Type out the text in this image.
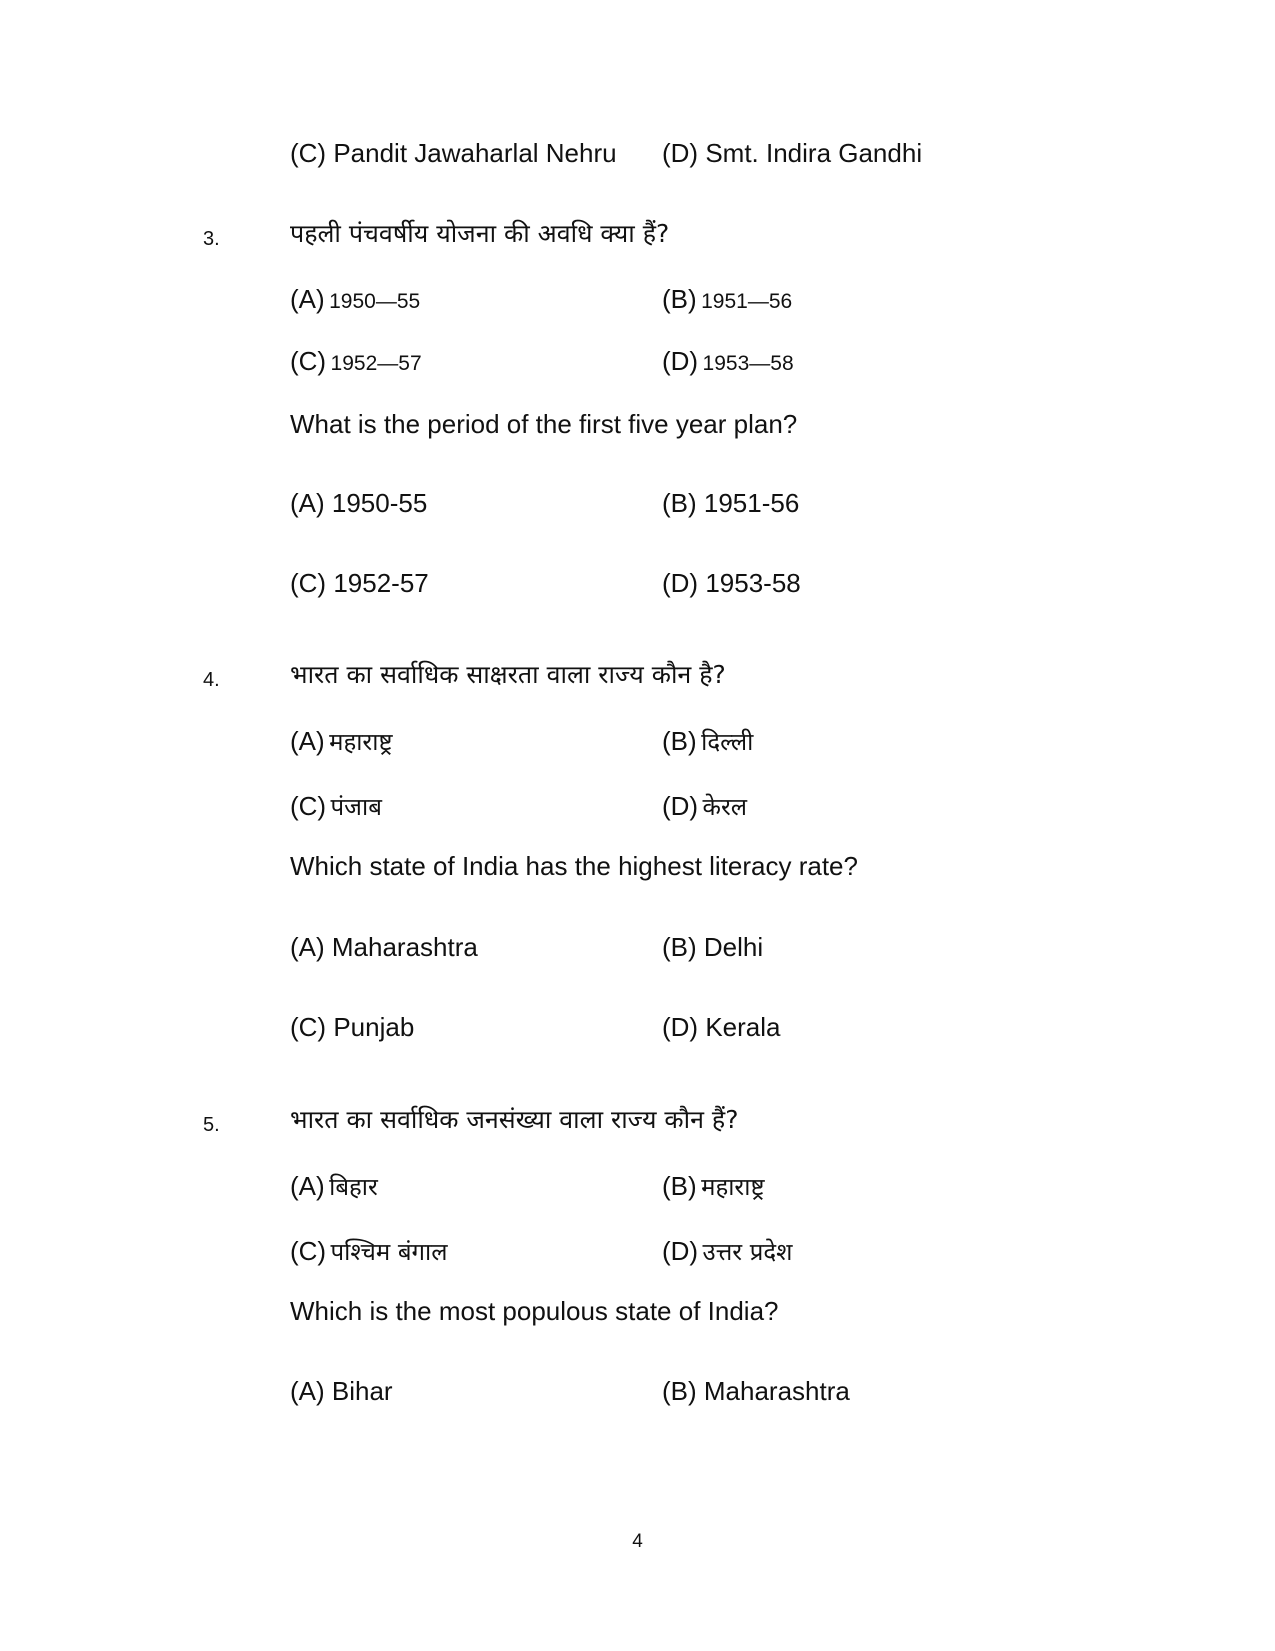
(C) Pandit Jawaharlal Nehru (D) Smt. Indira Gandhi
3.	पहली पंचवर्षीय योजना की अवधि क्या हैं?
(A) 1950—55	(B) 1951—56
(C) 1952—57	(D) 1953—58
What is the period of the first five year plan?
(A) 1950-55	(B) 1951-56
(C) 1952-57	(D) 1953-58
4.	भारत का सर्वाधिक साक्षरता वाला राज्य कौन है?
(A) महाराष्ट्र	(B) दिल्ली
(C) पंजाब	(D) केरल
Which state of India has the highest literacy rate?
(A) Maharashtra	(B) Delhi
(C) Punjab	(D) Kerala
5.	भारत का सर्वाधिक जनसंख्या वाला राज्य कौन हैं?
(A) बिहार	(B) महाराष्ट्र
(C) पश्चिम बंगाल	(D) उत्तर प्रदेश
Which is the most populous state of India?
(A) Bihar	(B) Maharashtra
4
